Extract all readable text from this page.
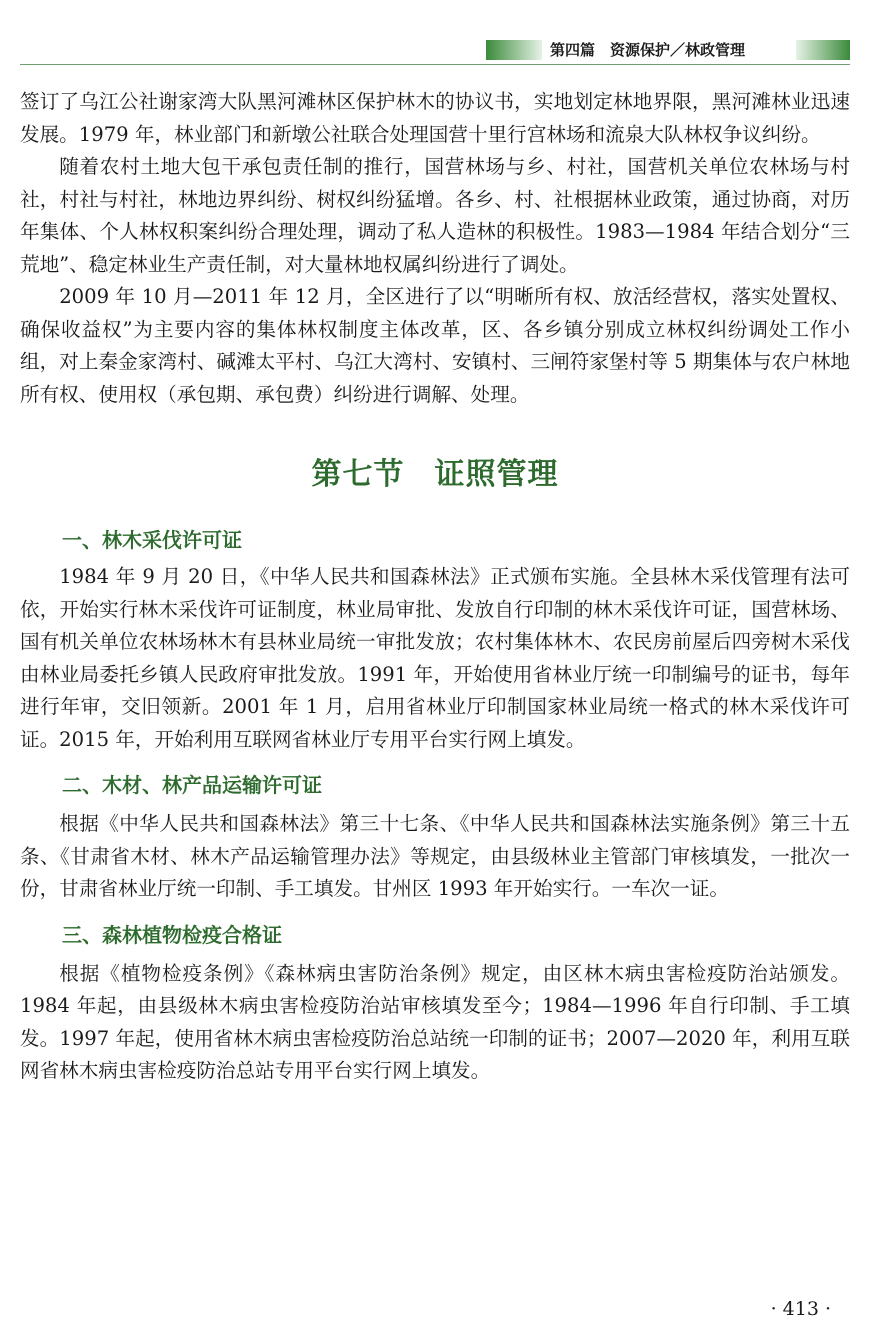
第四篇　资源保护／林政管理

签订了乌江公社谢家湾大队黑河滩林区保护林木的协议书，实地划定林地界限，黑河滩林业迅速发展。1979 年，林业部门和新墩公社联合处理国营十里行宫林场和流泉大队林权争议纠纷。

随着农村土地大包干承包责任制的推行，国营林场与乡、村社，国营机关单位农林场与村社，村社与村社，林地边界纠纷、树权纠纷猛增。各乡、村、社根据林业政策，通过协商，对历年集体、个人林权积案纠纷合理处理，调动了私人造林的积极性。1983—1984 年结合划分“三荒地”、稳定林业生产责任制，对大量林地权属纠纷进行了调处。

2009 年 10 月—2011 年 12 月，全区进行了以“明晰所有权、放活经营权，落实处置权、确保收益权”为主要内容的集体林权制度主体改革，区、各乡镇分别成立林权纠纷调处工作小组，对上秦金家湾村、碱滩太平村、乌江大湾村、安镇村、三闸符家堡村等 5 期集体与农户林地所有权、使用权（承包期、承包费）纠纷进行调解、处理。

第七节 证照管理
一、林木采伐许可证

1984 年 9 月 20 日，《中华人民共和国森林法》正式颁布实施。全县林木采伐管理有法可依，开始实行林木采伐许可证制度，林业局审批、发放自行印制的林木采伐许可证，国营林场、国有机关单位农林场林木有县林业局统一审批发放；农村集体林木、农民房前屋后四旁树木采伐由林业局委托乡镇人民政府审批发放。1991 年，开始使用省林业厅统一印制编号的证书，每年进行年审，交旧领新。2001 年 1 月，启用省林业厅印制国家林业局统一格式的林木采伐许可证。2015 年，开始利用互联网省林业厅专用平台实行网上填发。

二、木材、林产品运输许可证

根据《中华人民共和国森林法》第三十七条、《中华人民共和国森林法实施条例》第三十五条、《甘肃省木材、林木产品运输管理办法》等规定，由县级林业主管部门审核填发，一批次一份，甘肃省林业厅统一印制、手工填发。甘州区 1993 年开始实行。一车次一证。

三、森林植物检疫合格证

根据《植物检疫条例》《森林病虫害防治条例》规定，由区林木病虫害检疫防治站颁发。1984 年起，由县级林木病虫害检疫防治站审核填发至今；1984—1996 年自行印制、手工填发。1997 年起，使用省林木病虫害检疫防治总站统一印制的证书；2007—2020 年，利用互联网省林木病虫害检疫防治总站专用平台实行网上填发。

· 413 ·
